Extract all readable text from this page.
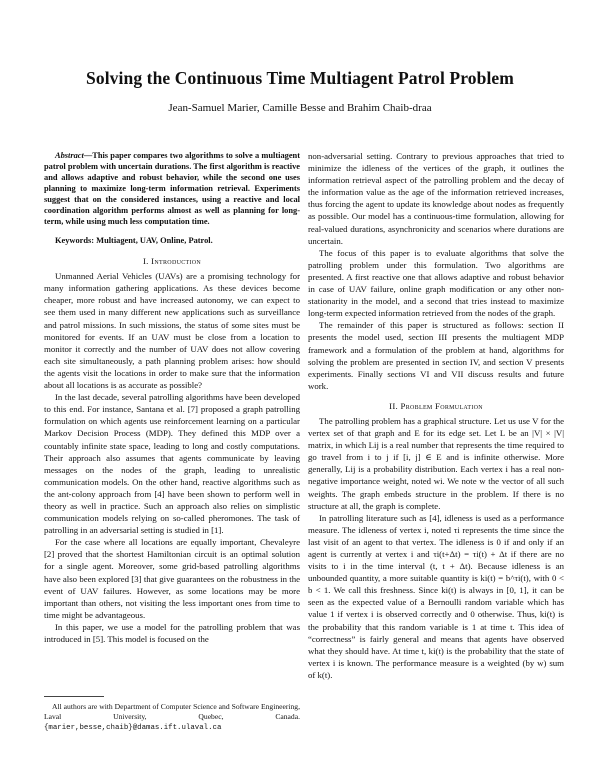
Solving the Continuous Time Multiagent Patrol Problem
Jean-Samuel Marier, Camille Besse and Brahim Chaib-draa

Abstract—This paper compares two algorithms to solve a multiagent patrol problem with uncertain durations. The first algorithm is reactive and allows adaptive and robust behavior, while the second one uses planning to maximize long-term information retrieval. Experiments suggest that on the considered instances, using a reactive and local coordination algorithm performs almost as well as planning for long-term, while using much less computation time.

Keywords: Multiagent, UAV, Online, Patrol.

I. Introduction

Unmanned Aerial Vehicles (UAVs) are a promising technology for many information gathering applications. As these devices become cheaper, more robust and have increased autonomy, we can expect to see them used in many different new applications such as surveillance and patrol missions. In such missions, the status of some sites must be monitored for events. If an UAV must be close from a location to monitor it correctly and the number of UAV does not allow covering each site simultaneously, a path planning problem arises: how should the agents visit the locations in order to make sure that the information about all locations is as accurate as possible?

In the last decade, several patrolling algorithms have been developed to this end. For instance, Santana et al. [7] proposed a graph patrolling formulation on which agents use reinforcement learning on a particular Markov Decision Process (MDP). They defined this MDP over a countably infinite state space, leading to long and costly computations. Their approach also assumes that agents communicate by leaving messages on the nodes of the graph, leading to unrealistic communication models. On the other hand, reactive algorithms such as the ant-colony approach from [4] have been shown to perform well in theory as well in practice. Such an approach also relies on simplistic communication models relying on so-called pheromones. The task of patrolling in an adversarial setting is studied in [1].

For the case where all locations are equally important, Chevaleyre [2] proved that the shortest Hamiltonian circuit is an optimal solution for a single agent. Moreover, some grid-based patrolling algorithms have also been explored [3] that give guarantees on the robustness in the event of UAV failures. However, as some locations may be more important than others, not visiting the less important ones from time to time might be advantageous.

In this paper, we use a model for the patrolling problem that was introduced in [5]. This model is focused on the

All authors are with Department of Computer Science and Software Engineering, Laval University, Quebec, Canada. {marier,besse,chaib}@damas.ift.ulaval.ca

non-adversarial setting. Contrary to previous approaches that tried to minimize the idleness of the vertices of the graph, it outlines the information retrieval aspect of the patrolling problem and the decay of the information value as the age of the information retrieved increases, thus forcing the agent to update its knowledge about nodes as frequently as possible. Our model has a continuous-time formulation, allowing for real-valued durations, asynchronicity and scenarios where durations are uncertain.

The focus of this paper is to evaluate algorithms that solve the patrolling problem under this formulation. Two algorithms are presented. A first reactive one that allows adaptive and robust behavior in case of UAV failure, online graph modification or any other non-stationarity in the model, and a second that tries instead to maximize long-term expected information retrieved from the nodes of the graph.

The remainder of this paper is structured as follows: section II presents the model used, section III presents the multiagent MDP framework and a formulation of the problem at hand, algorithms for solving the problem are presented in section IV, and section V presents experiments. Finally sections VI and VII discuss results and future work.

II. Problem Formulation

The patrolling problem has a graphical structure. Let us use V for the vertex set of that graph and E for its edge set. Let L be an |V| × |V| matrix, in which Lij is a real number that represents the time required to go travel from i to j if [i, j] ∈ E and is infinite otherwise. More generally, Lij is a probability distribution. Each vertex i has a real non-negative importance weight, noted wi. We note w the vector of all such weights. The graph embeds structure in the problem. If there is no structure at all, the graph is complete.

In patrolling literature such as [4], idleness is used as a performance measure. The idleness of vertex i, noted τi represents the time since the last visit of an agent to that vertex. The idleness is 0 if and only if an agent is currently at vertex i and τi(t+Δt) = τi(t) + Δt if there are no visits to i in the time interval (t, t + Δt). Because idleness is an unbounded quantity, a more suitable quantity is ki(t) = b^τi(t), with 0 < b < 1. We call this freshness. Since ki(t) is always in [0, 1], it can be seen as the expected value of a Bernoulli random variable which has value 1 if vertex i is observed correctly and 0 otherwise. Thus, ki(t) is the probability that this random variable is 1 at time t. This idea of “correctness” is fairly general and means that agents have observed what they should have. At time t, ki(t) is the probability that the state of vertex i is known. The performance measure is a weighted (by w) sum of k(t).
